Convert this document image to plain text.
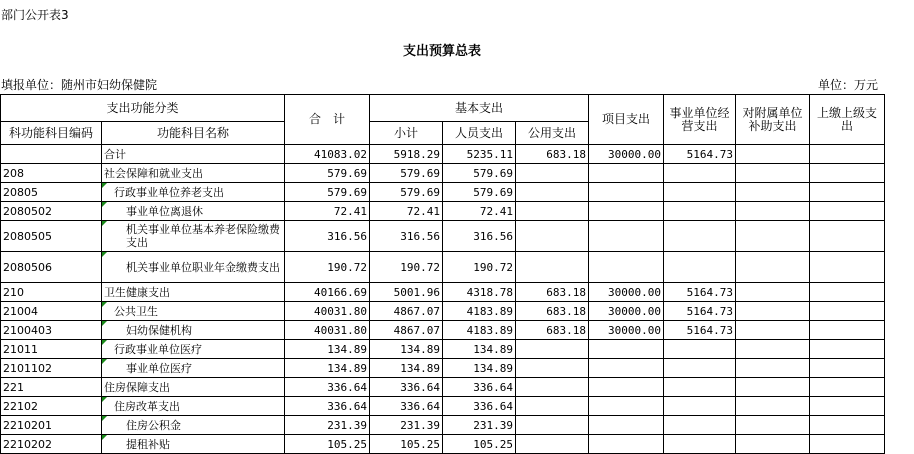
部门公开表3
支出预算总表
填报单位：随州市妇幼保健院	单位：万元
支出功能分类		合　计	基本支出			项目支出	事业单位经营支出	对附属单位补助支出	上缴上级支出
科功能科目编码	功能科目名称		小计	人员支出	公用支出				
	合计	41083.02	5918.29	5235.11	683.18	30000.00	5164.73		
208	社会保障和就业支出	579.69	579.69	579.69					
20805	行政事业单位养老支出	579.69	579.69	579.69					
2080502	事业单位离退休	72.41	72.41	72.41					
2080505	机关事业单位基本养老保险缴费支出	316.56	316.56	316.56					
2080506	机关事业单位职业年金缴费支出	190.72	190.72	190.72					
210	卫生健康支出	40166.69	5001.96	4318.78	683.18	30000.00	5164.73		
21004	公共卫生	40031.80	4867.07	4183.89	683.18	30000.00	5164.73		
2100403	妇幼保健机构	40031.80	4867.07	4183.89	683.18	30000.00	5164.73		
21011	行政事业单位医疗	134.89	134.89	134.89					
2101102	事业单位医疗	134.89	134.89	134.89					
221	住房保障支出	336.64	336.64	336.64					
22102	住房改革支出	336.64	336.64	336.64					
2210201	住房公积金	231.39	231.39	231.39					
2210202	提租补贴	105.25	105.25	105.25					
